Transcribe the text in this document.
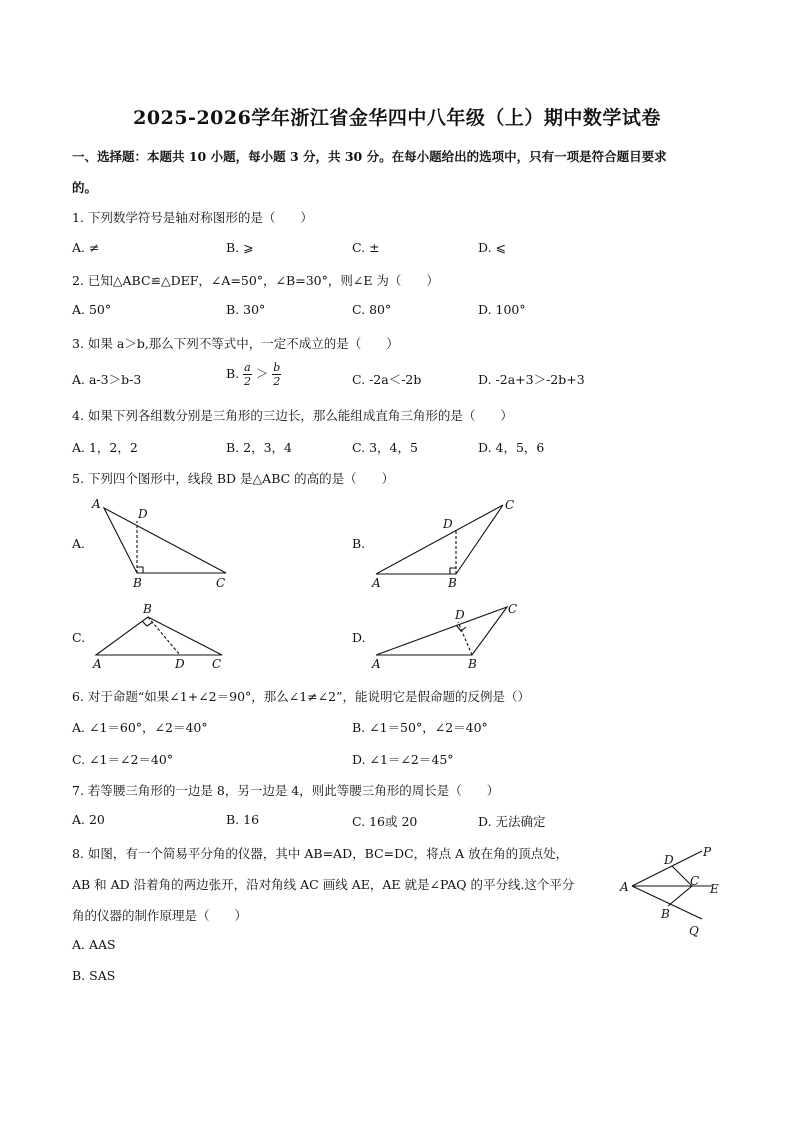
2025-2026学年浙江省金华四中八年级（上）期中数学试卷
一、选择题：本题共 10 小题，每小题 3 分，共 30 分。在每小题给出的选项中，只有一项是符合题目要求
的。
1. 下列数学符号是轴对称图形的是（　　）
A. ≠	B. ⩾	C. ±	D. ⩽
2. 已知△ABC≌△DEF，∠A=50°，∠B=30°，则∠E 为（　　）
A. 50°	B. 30°	C. 80°	D. 100°
3. 如果 a＞b,那么下列不等式中，一定不成立的是（　　）
A. a-3＞b-3	B. $\frac{a}{2} > \frac{b}{2}$	C. -2a＜-2b	D. -2a+3＞-2b+3
4. 如果下列各组数分别是三角形的三边长，那么能组成直角三角形的是（　　）
A. 1，2，2	B. 2，3，4	C. 3，4，5	D. 4，5，6
5. 下列四个图形中，线段 BD 是△ABC 的高的是（　　）
A.	B.
C.	D.
A
D
B	C
C
D
A	B
B
A	D C
C
D
A	B
A
D
P
C
E
B
Q
6. 对于命题“如果∠1+∠2＝90°，那么∠1≠∠2”，能说明它是假命题的反例是（）
A. ∠1＝60°，∠2＝40°	B. ∠1＝50°，∠2＝40°
C. ∠1＝∠2＝40°	D. ∠1＝∠2＝45°
7. 若等腰三角形的一边是 8，另一边是 4，则此等腰三角形的周长是（　　）
A. 20	B. 16	C. 16或 20	D. 无法确定
8. 如图，有一个简易平分角的仪器，其中 AB=AD，BC=DC，将点 A 放在角的顶点处，
AB 和 AD 沿着角的两边张开，沿对角线 AC 画线 AE，AE 就是∠PAQ 的平分线.这个平分
角的仪器的制作原理是（　　）
A. AAS
B. SAS
